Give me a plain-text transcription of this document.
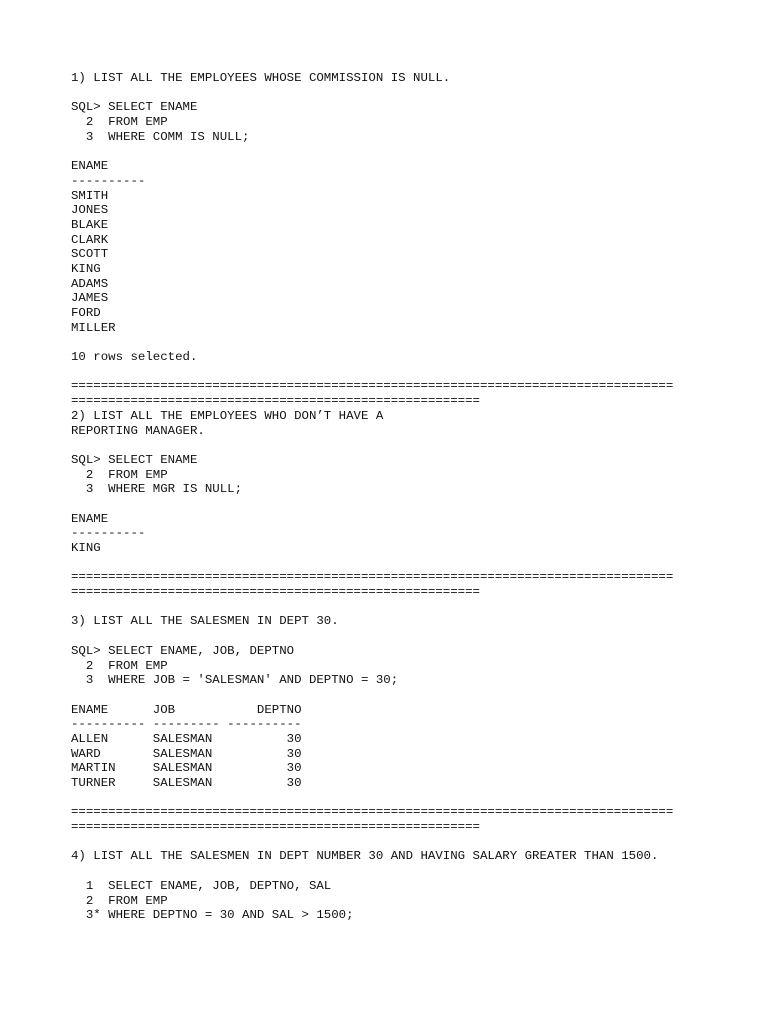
1) LIST ALL THE EMPLOYEES WHOSE COMMISSION IS NULL.
SQL> SELECT ENAME
2  FROM EMP
3  WHERE COMM IS NULL;
ENAME
----------
SMITH
JONES
BLAKE
CLARK
SCOTT
KING
ADAMS
JAMES
FORD
MILLER
10 rows selected.
=================================================================================
=======================================================
2) LIST ALL THE EMPLOYEES WHO DON’T HAVE A
REPORTING MANAGER.
SQL> SELECT ENAME
2  FROM EMP
3  WHERE MGR IS NULL;
ENAME
----------
KING
=================================================================================
=======================================================
3) LIST ALL THE SALESMEN IN DEPT 30.
SQL> SELECT ENAME, JOB, DEPTNO
2  FROM EMP
3  WHERE JOB = 'SALESMAN' AND DEPTNO = 30;
ENAME      JOB           DEPTNO
---------- --------- ----------
ALLEN      SALESMAN          30
WARD       SALESMAN          30
MARTIN     SALESMAN          30
TURNER     SALESMAN          30
=================================================================================
=======================================================
4) LIST ALL THE SALESMEN IN DEPT NUMBER 30 AND HAVING SALARY GREATER THAN 1500.
1  SELECT ENAME, JOB, DEPTNO, SAL
2  FROM EMP
3* WHERE DEPTNO = 30 AND SAL > 1500;
